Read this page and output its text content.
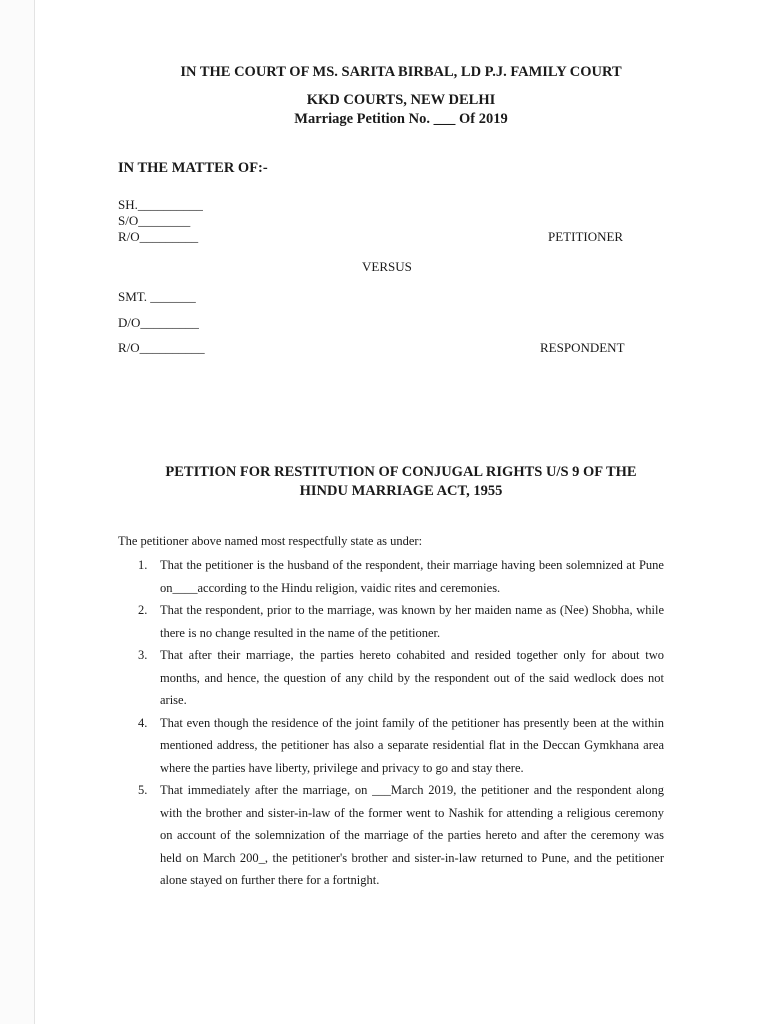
IN THE COURT OF MS. SARITA BIRBAL, LD P.J. FAMILY COURT
KKD COURTS, NEW DELHI
Marriage Petition No. ___ Of 2019
IN THE MATTER OF:-
SH.__________
S/O________
R/O_________	PETITIONER
VERSUS
SMT. _______
D/O_________
R/O__________	RESPONDENT
PETITION FOR RESTITUTION OF CONJUGAL RIGHTS U/S 9 OF THE
HINDU MARRIAGE ACT, 1955
The petitioner above named most respectfully state as under:
1. That the petitioner is the husband of the respondent, their marriage having been solemnized at Pune on____according to the Hindu religion, vaidic rites and ceremonies.
2. That the respondent, prior to the marriage, was known by her maiden name as (Nee) Shobha, while there is no change resulted in the name of the petitioner.
3. That after their marriage, the parties hereto cohabited and resided together only for about two months, and hence, the question of any child by the respondent out of the said wedlock does not arise.
4. That even though the residence of the joint family of the petitioner has presently been at the within mentioned address, the petitioner has also a separate residential flat in the Deccan Gymkhana area where the parties have liberty, privilege and privacy to go and stay there.
5. That immediately after the marriage, on ___March 2019, the petitioner and the respondent along with the brother and sister-in-law of the former went to Nashik for attending a religious ceremony on account of the solemnization of the marriage of the parties hereto and after the ceremony was held on March 200_, the petitioner's brother and sister-in-law returned to Pune, and the petitioner alone stayed on further there for a fortnight.
